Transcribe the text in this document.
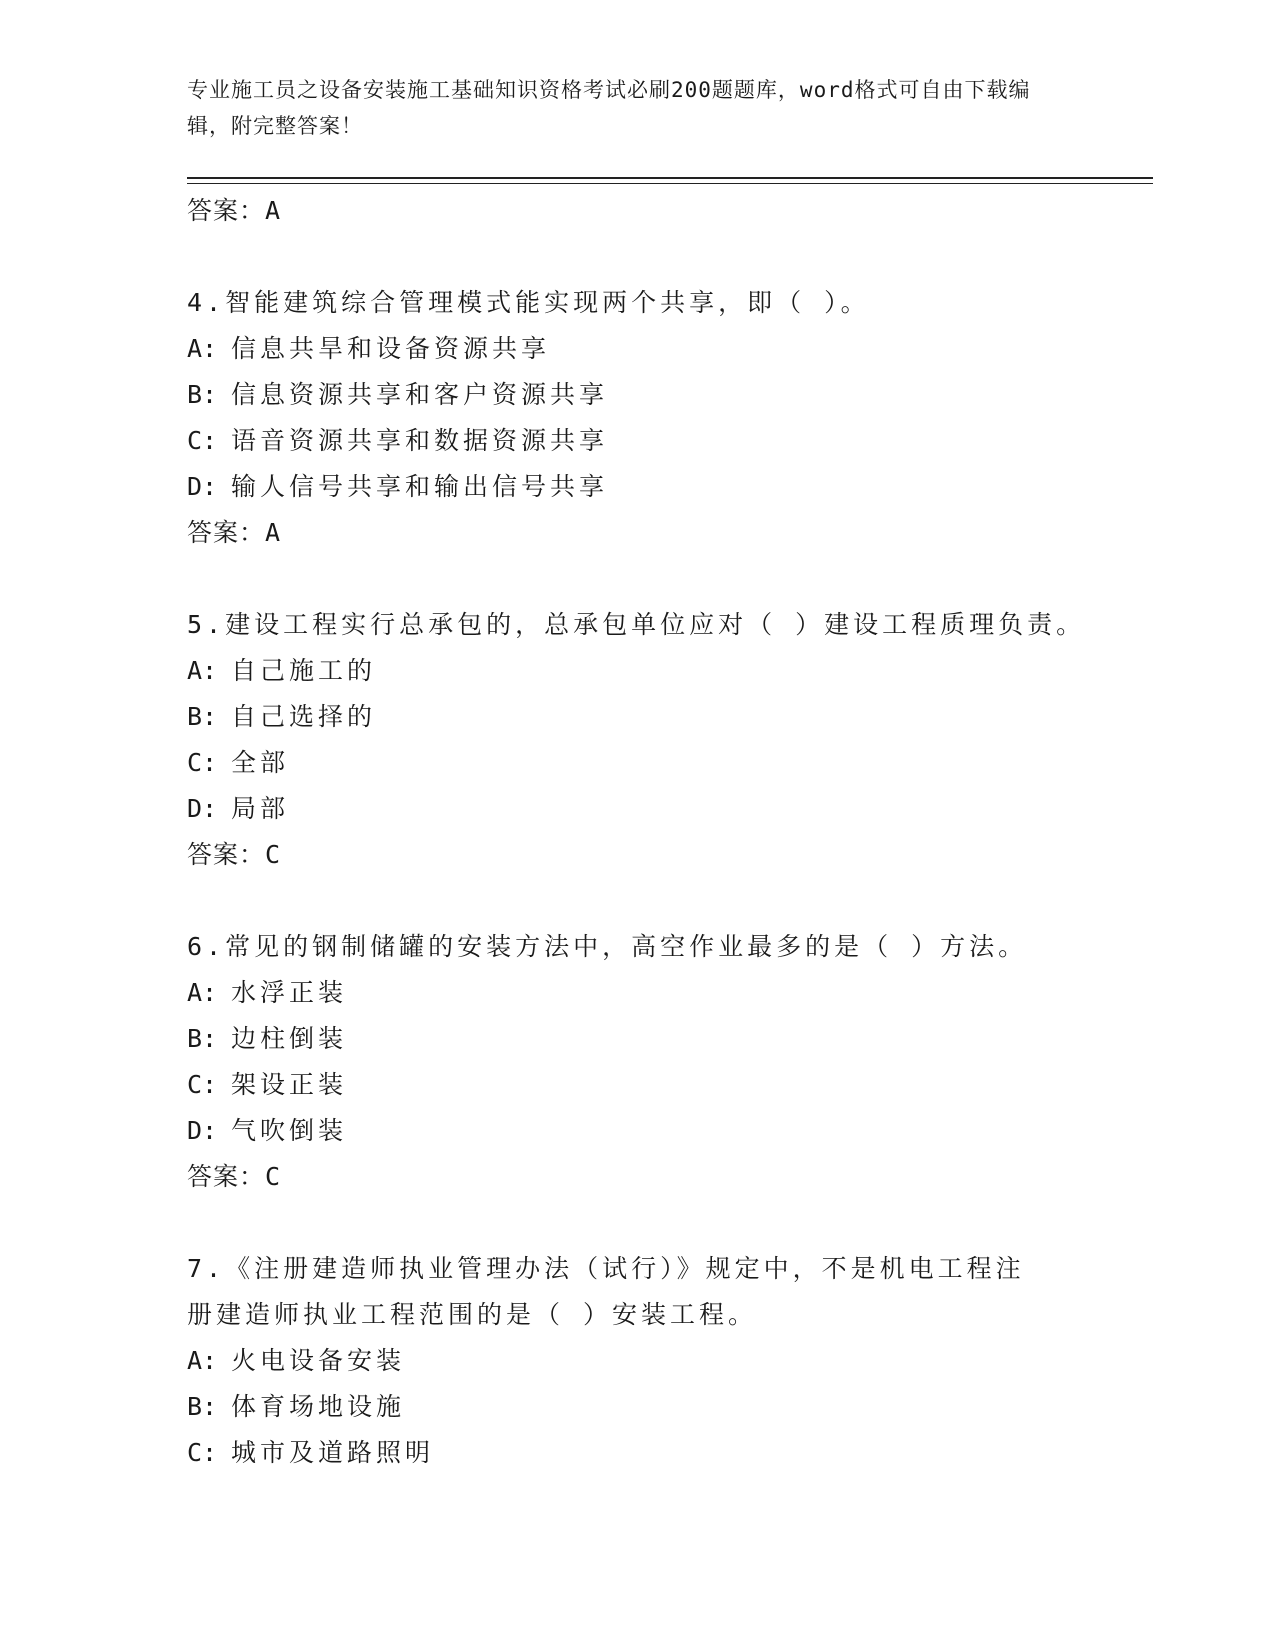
专业施工员之设备安装施工基础知识资格考试必刷200题题库，word格式可自由下载编辑，附完整答案！
答案：A
4.智能建筑综合管理模式能实现两个共享，即（ ）。
A: 信息共旱和设备资源共享
B: 信息资源共享和客户资源共享
C: 语音资源共享和数据资源共享
D: 输人信号共享和输出信号共享
答案：A
5.建设工程实行总承包的，总承包单位应对（ ）建设工程质理负责。
A: 自己施工的
B: 自己选择的
C: 全部
D: 局部
答案：C
6.常见的钢制储罐的安装方法中，高空作业最多的是（ ）方法。
A: 水浮正装
B: 边柱倒装
C: 架设正装
D: 气吹倒装
答案：C
7.《注册建造师执业管理办法（试行）》规定中，不是机电工程注册建造师执业工程范围的是（ ）安装工程。
A: 火电设备安装
B: 体育场地设施
C: 城市及道路照明
